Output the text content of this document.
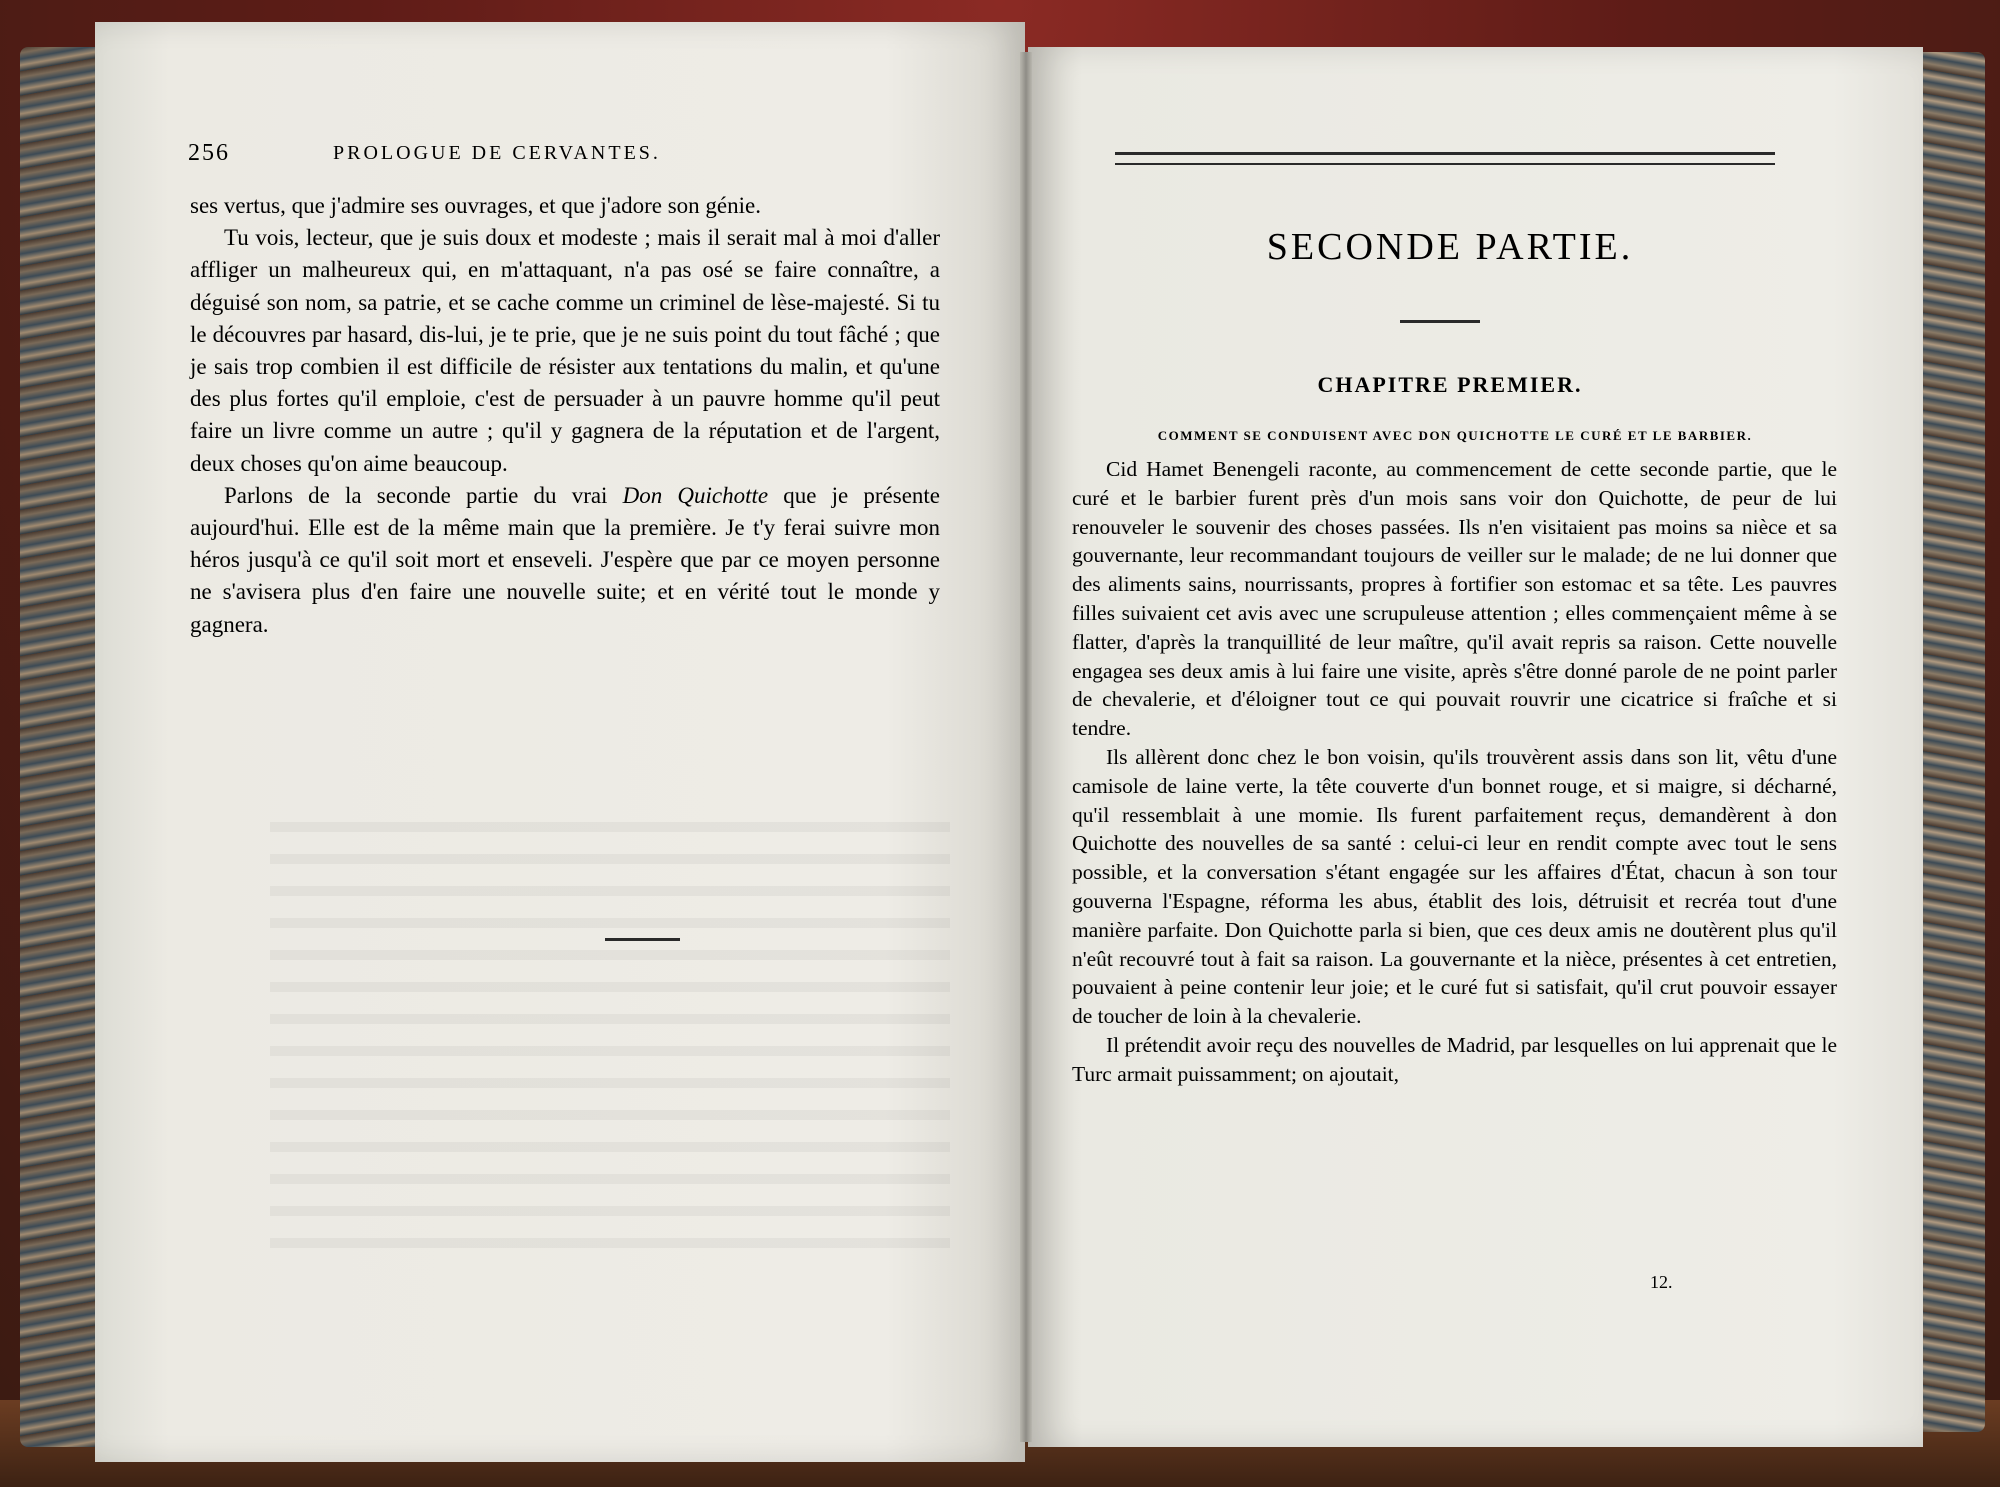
256	PROLOGUE DE CERVANTES.

ses vertus, que j'admire ses ouvrages, et que j'adore son génie.

Tu vois, lecteur, que je suis doux et modeste ; mais il serait mal à moi d'aller affliger un malheureux qui, en m'attaquant, n'a pas osé se faire connaître, a déguisé son nom, sa patrie, et se cache comme un criminel de lèse-majesté. Si tu le découvres par hasard, dis-lui, je te prie, que je ne suis point du tout fâché ; que je sais trop combien il est difficile de résister aux tentations du malin, et qu'une des plus fortes qu'il emploie, c'est de persuader à un pauvre homme qu'il peut faire un livre comme un autre ; qu'il y gagnera de la réputation et de l'argent, deux choses qu'on aime beaucoup.

Parlons de la seconde partie du vrai Don Quichotte que je présente aujourd'hui. Elle est de la même main que la première. Je t'y ferai suivre mon héros jusqu'à ce qu'il soit mort et enseveli. J'espère que par ce moyen personne ne s'avisera plus d'en faire une nouvelle suite; et en vérité tout le monde y gagnera.

SECONDE PARTIE.
CHAPITRE PREMIER.
COMMENT SE CONDUISENT AVEC DON QUICHOTTE LE CURÉ ET LE BARBIER.

Cid Hamet Benengeli raconte, au commencement de cette seconde partie, que le curé et le barbier furent près d'un mois sans voir don Quichotte, de peur de lui renouveler le souvenir des choses passées. Ils n'en visitaient pas moins sa nièce et sa gouvernante, leur recommandant toujours de veiller sur le malade; de ne lui donner que des aliments sains, nourrissants, propres à fortifier son estomac et sa tête. Les pauvres filles suivaient cet avis avec une scrupuleuse attention ; elles commençaient même à se flatter, d'après la tranquillité de leur maître, qu'il avait repris sa raison. Cette nouvelle engagea ses deux amis à lui faire une visite, après s'être donné parole de ne point parler de chevalerie, et d'éloigner tout ce qui pouvait rouvrir une cicatrice si fraîche et si tendre.

Ils allèrent donc chez le bon voisin, qu'ils trouvèrent assis dans son lit, vêtu d'une camisole de laine verte, la tête couverte d'un bonnet rouge, et si maigre, si décharné, qu'il ressemblait à une momie. Ils furent parfaitement reçus, demandèrent à don Quichotte des nouvelles de sa santé : celui-ci leur en rendit compte avec tout le sens possible, et la conversation s'étant engagée sur les affaires d'État, chacun à son tour gouverna l'Espagne, réforma les abus, établit des lois, détruisit et recréa tout d'une manière parfaite. Don Quichotte parla si bien, que ces deux amis ne doutèrent plus qu'il n'eût recouvré tout à fait sa raison. La gouvernante et la nièce, présentes à cet entretien, pouvaient à peine contenir leur joie; et le curé fut si satisfait, qu'il crut pouvoir essayer de toucher de loin à la chevalerie.

Il prétendit avoir reçu des nouvelles de Madrid, par lesquelles on lui apprenait que le Turc armait puissamment; on ajoutait,

12.
